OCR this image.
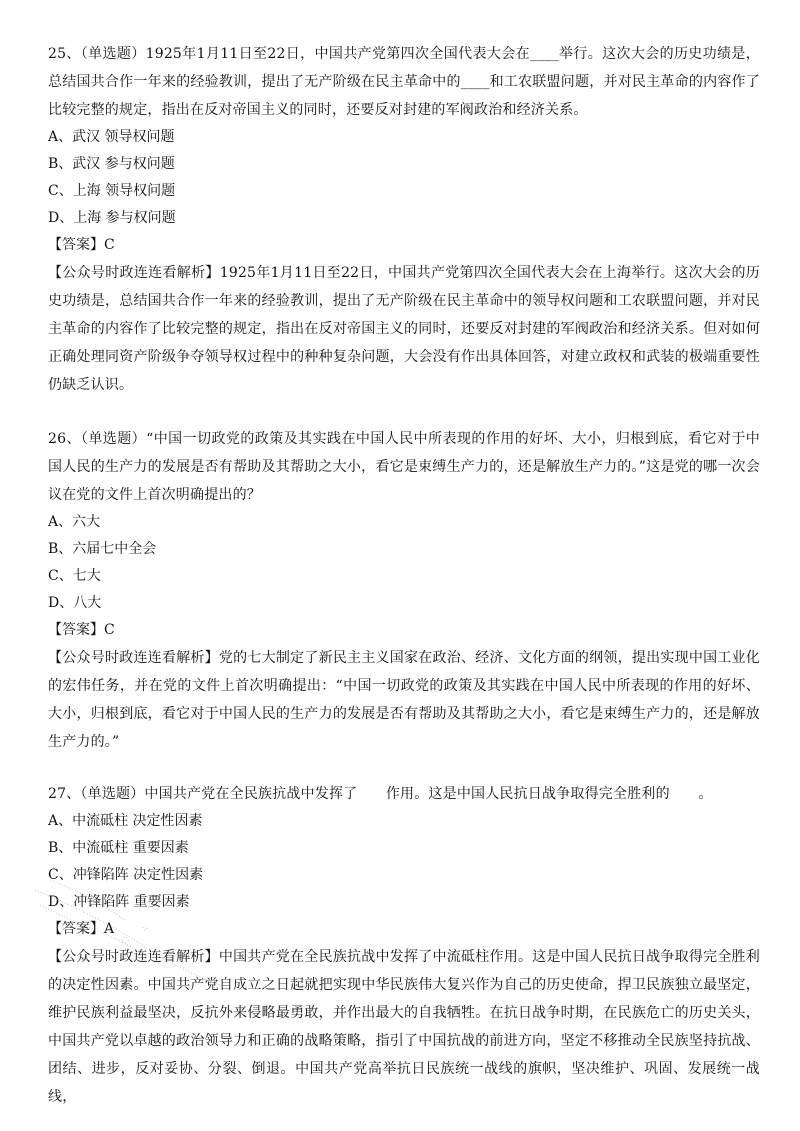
25、（单选题）1925年1月11日至22日，中国共产党第四次全国代表大会在____举行。这次大会的历史功绩是，总结国共合作一年来的经验教训，提出了无产阶级在民主革命中的____和工农联盟问题，并对民主革命的内容作了比较完整的规定，指出在反对帝国主义的同时，还要反对封建的军阀政治和经济关系。

A、武汉 领导权问题

B、武汉 参与权问题

C、上海 领导权问题

D、上海 参与权问题

【答案】C

【公众号时政连连看解析】1925年1月11日至22日，中国共产党第四次全国代表大会在上海举行。这次大会的历史功绩是，总结国共合作一年来的经验教训，提出了无产阶级在民主革命中的领导权问题和工农联盟问题，并对民主革命的内容作了比较完整的规定，指出在反对帝国主义的同时，还要反对封建的军阀政治和经济关系。但对如何正确处理同资产阶级争夺领导权过程中的种种复杂问题，大会没有作出具体回答，对建立政权和武装的极端重要性仍缺乏认识。

26、（单选题）“中国一切政党的政策及其实践在中国人民中所表现的作用的好坏、大小，归根到底，看它对于中国人民的生产力的发展是否有帮助及其帮助之大小，看它是束缚生产力的，还是解放生产力的。”这是党的哪一次会议在党的文件上首次明确提出的？

A、六大

B、六届七中全会

C、七大

D、八大

【答案】C

【公众号时政连连看解析】党的七大制定了新民主主义国家在政治、经济、文化方面的纲领，提出实现中国工业化的宏伟任务，并在党的文件上首次明确提出：“中国一切政党的政策及其实践在中国人民中所表现的作用的好坏、大小，归根到底，看它对于中国人民的生产力的发展是否有帮助及其帮助之大小，看它是束缚生产力的，还是解放生产力的。”

27、（单选题）中国共产党在全民族抗战中发挥了　　作用。这是中国人民抗日战争取得完全胜利的　　。

A、中流砥柱 决定性因素

B、中流砥柱 重要因素

C、冲锋陷阵 决定性因素

D、冲锋陷阵 重要因素

【答案】A

【公众号时政连连看解析】中国共产党在全民族抗战中发挥了中流砥柱作用。这是中国人民抗日战争取得完全胜利的决定性因素。中国共产党自成立之日起就把实现中华民族伟大复兴作为自己的历史使命，捍卫民族独立最坚定，维护民族利益最坚决，反抗外来侵略最勇敢，并作出最大的自我牺牲。在抗日战争时期，在民族危亡的历史关头，中国共产党以卓越的政治领导力和正确的战略策略，指引了中国抗战的前进方向，坚定不移推动全民族坚持抗战、团结、进步，反对妥协、分裂、倒退。中国共产党高举抗日民族统一战线的旗帜，坚决维护、巩固、发展统一战线，
